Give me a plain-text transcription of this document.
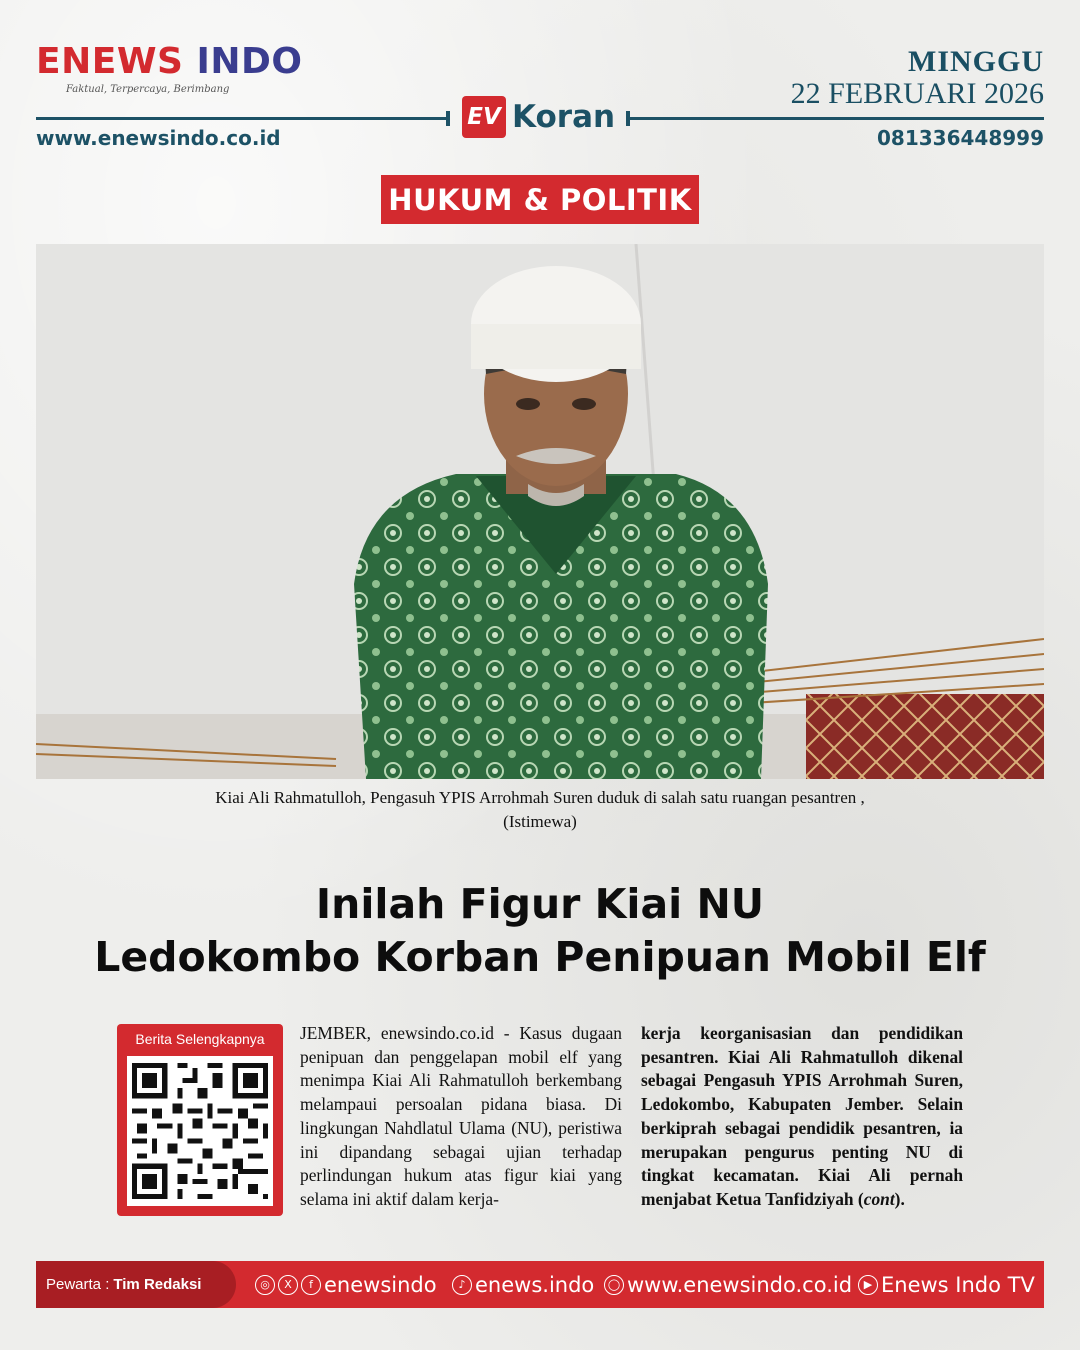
ENEWS INDO
Faktual, Terpercaya, Berimbang
MINGGU
22 FEBRUARI 2026
EV Koran
www.enewsindo.co.id	081336448999
HUKUM & POLITIK
Kiai Ali Rahmatulloh, Pengasuh YPIS Arrohmah Suren duduk di salah satu ruangan pesantren ,
(Istimewa)
Inilah Figur Kiai NU
Ledokombo Korban Penipuan Mobil Elf
Berita Selengkapnya	JEMBER, enewsindo.co.id - Kasus dugaan penipuan dan penggelapan mobil elf yang menimpa Kiai Ali Rahmatulloh berkembang melampaui persoalan pidana biasa. Di lingkungan Nahdlatul Ulama (NU), peristiwa ini dipandang sebagai ujian terhadap perlindungan hukum atas figur kiai yang selama ini aktif dalam kerja-
kerja keorganisasian dan pendidikan pesantren. Kiai Ali Rahmatulloh dikenal sebagai Pengasuh YPIS Arrohmah Suren, Ledokombo, Kabupaten Jember. Selain berkiprah sebagai pendidik pesantren, ia merupakan pengurus penting NU di tingkat kecamatan. Kiai Ali pernah menjabat Ketua Tanfidziyah (cont).
Pewarta : Tim Redaksi	◎	X	f enewsindo	♪ enews.indo	◯ www.enewsindo.co.id	▶ Enews Indo TV
